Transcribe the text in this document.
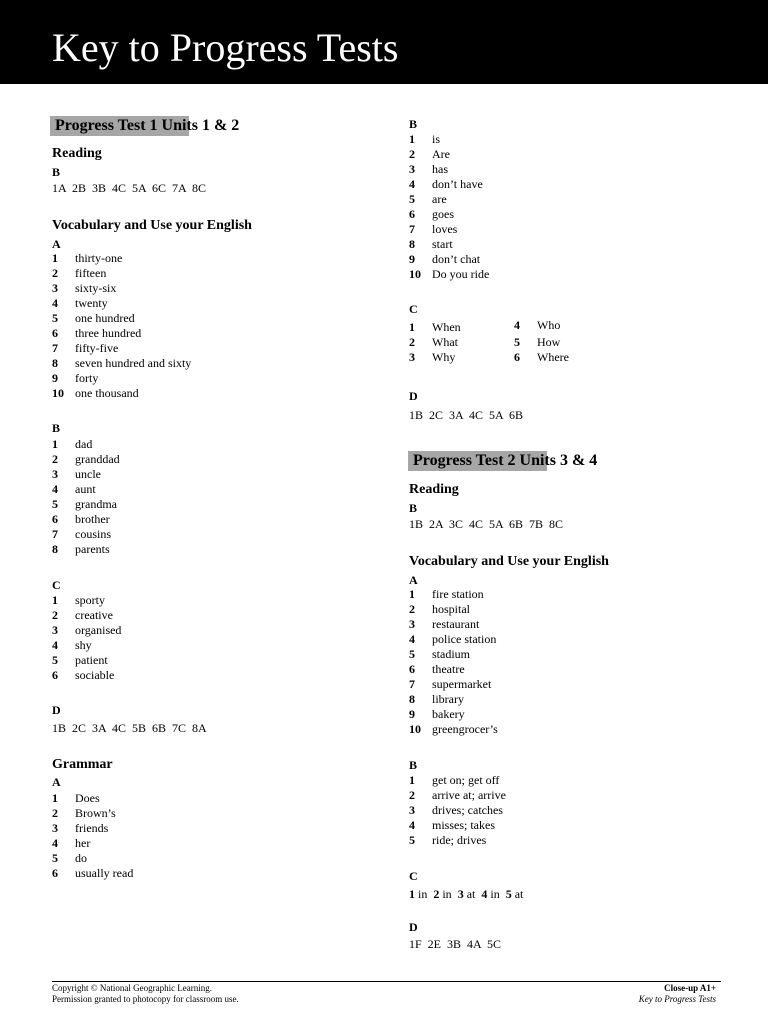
Key to Progress Tests
Progress Test 1 Units 1 & 2
Reading
B
1A  2B  3B  4C  5A  6C  7A  8C
Vocabulary and Use your English
A
1 thirty-one
2 fifteen
3 sixty-six
4 twenty
5 one hundred
6 three hundred
7 fifty-five
8 seven hundred and sixty
9 forty
10 one thousand
B
1 dad
2 granddad
3 uncle
4 aunt
5 grandma
6 brother
7 cousins
8 parents
C
1 sporty
2 creative
3 organised
4 shy
5 patient
6 sociable
D
1B  2C  3A  4C  5B  6B  7C  8A
Grammar
A
1 Does
2 Brown’s
3 friends
4 her
5 do
6 usually read
B
1 is
2 Are
3 has
4 don’t have
5 are
6 goes
7 loves
8 start
9 don’t chat
10 Do you ride
C
1 When
2 What
3 Why
4 Who
5 How
6 Where
D
1B  2C  3A  4C  5A  6B
Progress Test 2 Units 3 & 4
Reading
B
1B  2A  3C  4C  5A  6B  7B  8C
Vocabulary and Use your English
A
1 fire station
2 hospital
3 restaurant
4 police station
5 stadium
6 theatre
7 supermarket
8 library
9 bakery
10 greengrocer’s
B
1 get on; get off
2 arrive at; arrive
3 drives; catches
4 misses; takes
5 ride; drives
C
1 in  2 in  3 at  4 in  5 at
D
1F  2E  3B  4A  5C
Copyright © National Geographic Learning.
Permission granted to photocopy for classroom use.
Close-up A1+
Key to Progress Tests
